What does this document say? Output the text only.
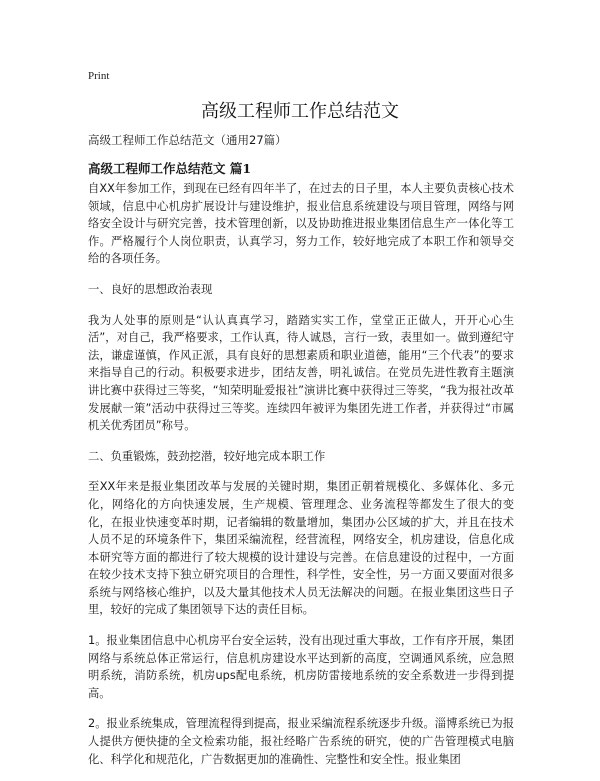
Print
高级工程师工作总结范文
高级工程师工作总结范文（通用27篇）
高级工程师工作总结范文 篇1

自XX年参加工作，到现在已经有四年半了，在过去的日子里，本人主要负责核心技术领域，信息中心机房扩展设计与建设维护，报业信息系统建设与项目管理，网络与网络安全设计与研究完善，技术管理创新，以及协助推进报业集团信息生产一体化等工作。严格履行个人岗位职责，认真学习，努力工作，较好地完成了本职工作和领导交给的各项任务。

一、良好的思想政治表现

我为人处事的原则是“认认真真学习，踏踏实实工作，堂堂正正做人，开开心心生活”，对自己，我严格要求，工作认真，待人诚恳，言行一致，表里如一。做到遵纪守法，谦虚谨慎，作风正派，具有良好的思想素质和职业道德，能用“三个代表”的要求来指导自己的行动。积极要求进步，团结友善，明礼诚信。在党员先进性教育主题演讲比赛中获得过三等奖，“知荣明耻爱报社”演讲比赛中获得过三等奖，“我为报社改革发展献一策”活动中获得过三等奖。连续四年被评为集团先进工作者，并获得过“市属机关优秀团员”称号。

二、负重锻炼，鼓劲挖潜，较好地完成本职工作

至XX年来是报业集团改革与发展的关键时期，集团正朝着规模化、多媒体化、多元化，网络化的方向快速发展，生产规模、管理理念、业务流程等都发生了很大的变化，在报业快速变革时期，记者编辑的数量增加，集团办公区域的扩大，并且在技术人员不足的环境条件下，集团采编流程，经营流程，网络安全，机房建设，信息化成本研究等方面的都进行了较大规模的设计建设与完善。在信息建设的过程中，一方面在较少技术支持下独立研究项目的合理性，科学性，安全性，另一方面又要面对很多系统与网络核心维护，以及大量其他技术人员无法解决的问题。在报业集团这些日子里，较好的完成了集团领导下达的责任目标。

1。报业集团信息中心机房平台安全运转，没有出现过重大事故，工作有序开展，集团网络与系统总体正常运行，信息机房建设水平达到新的高度，空调通风系统，应急照明系统，消防系统，机房ups配电系统，机房防雷接地系统的安全系数进一步得到提高。

2。报业系统集成，管理流程得到提高，报业采编流程系统逐步升级。淄博系统已为报人提供方便快捷的全文检索功能，报社经略广告系统的研究，使的广告管理模式电脑化、科学化和规范化，广告数据更加的准确性、完整性和安全性。报业集团
